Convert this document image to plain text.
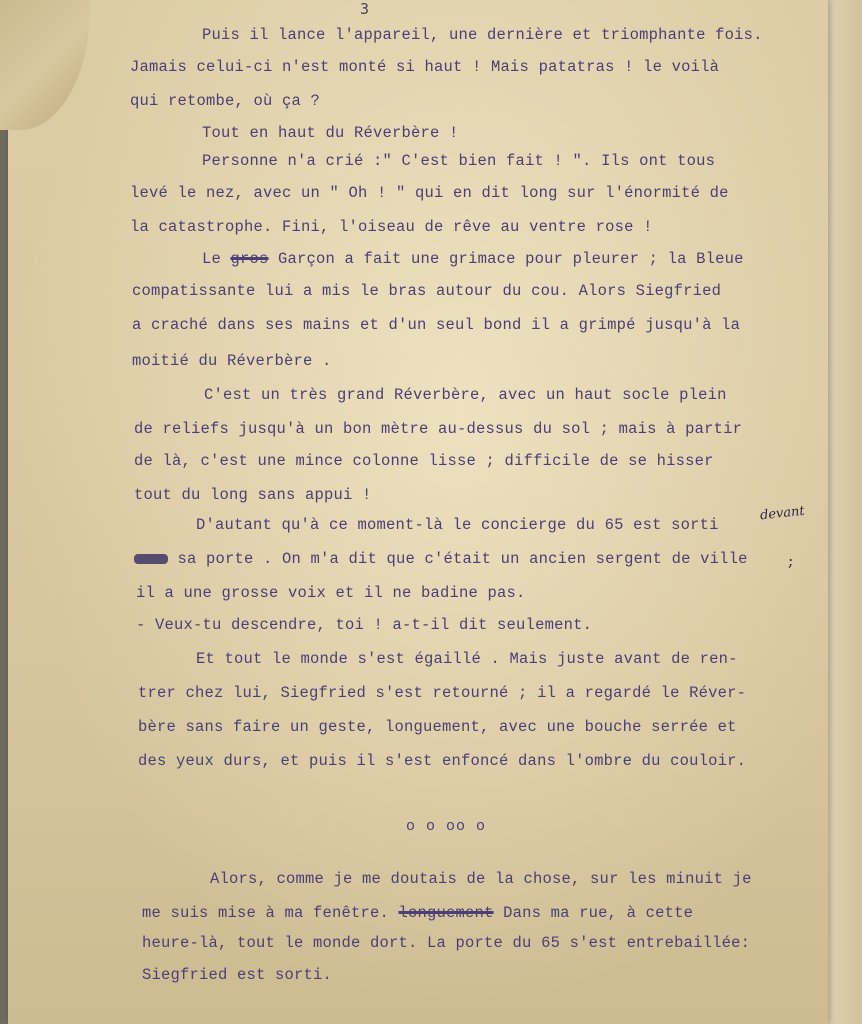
3
Puis il lance l'appareil, une dernière et triomphante fois.
Jamais celui-ci n'est monté si haut ! Mais patatras ! le voilà
qui retombe, où ça ?
Tout en haut du Réverbère !
Personne n'a crié :" C'est bien fait ! ". Ils ont tous
levé le nez, avec un " Oh ! " qui en dit long sur l'énormité de
la catastrophe. Fini, l'oiseau de rêve au ventre rose !
Le gros Garçon a fait une grimace pour pleurer ; la Bleue
compatissante lui a mis le bras autour du cou. Alors Siegfried
a craché dans ses mains et d'un seul bond il a grimpé jusqu'à la
moitié du Réverbère .
C'est un très grand Réverbère, avec un haut socle plein
de reliefs jusqu'à un bon mètre au-dessus du sol ; mais à partir
de là, c'est une mince colonne lisse ; difficile de se hisser
tout du long sans appui !
D'autant qu'à ce moment-là le concierge du 65 est sorti
sa porte . On m'a dit que c'était un ancien sergent de ville
il a une grosse voix et il ne badine pas.
- Veux-tu descendre, toi ! a-t-il dit seulement.
Et tout le monde s'est égaillé . Mais juste avant de ren-
trer chez lui, Siegfried s'est retourné ; il a regardé le Réver-
bère sans faire un geste, longuement, avec une bouche serrée et
des yeux durs, et puis il s'est enfoncé dans l'ombre du couloir.
Alors, comme je me doutais de la chose, sur les minuit je
me suis mise à ma fenêtre. longuement Dans ma rue, à cette
heure-là, tout le monde dort. La porte du 65 s'est entrebaillée:
Siegfried est sorti.
o o oo o
devant
;
